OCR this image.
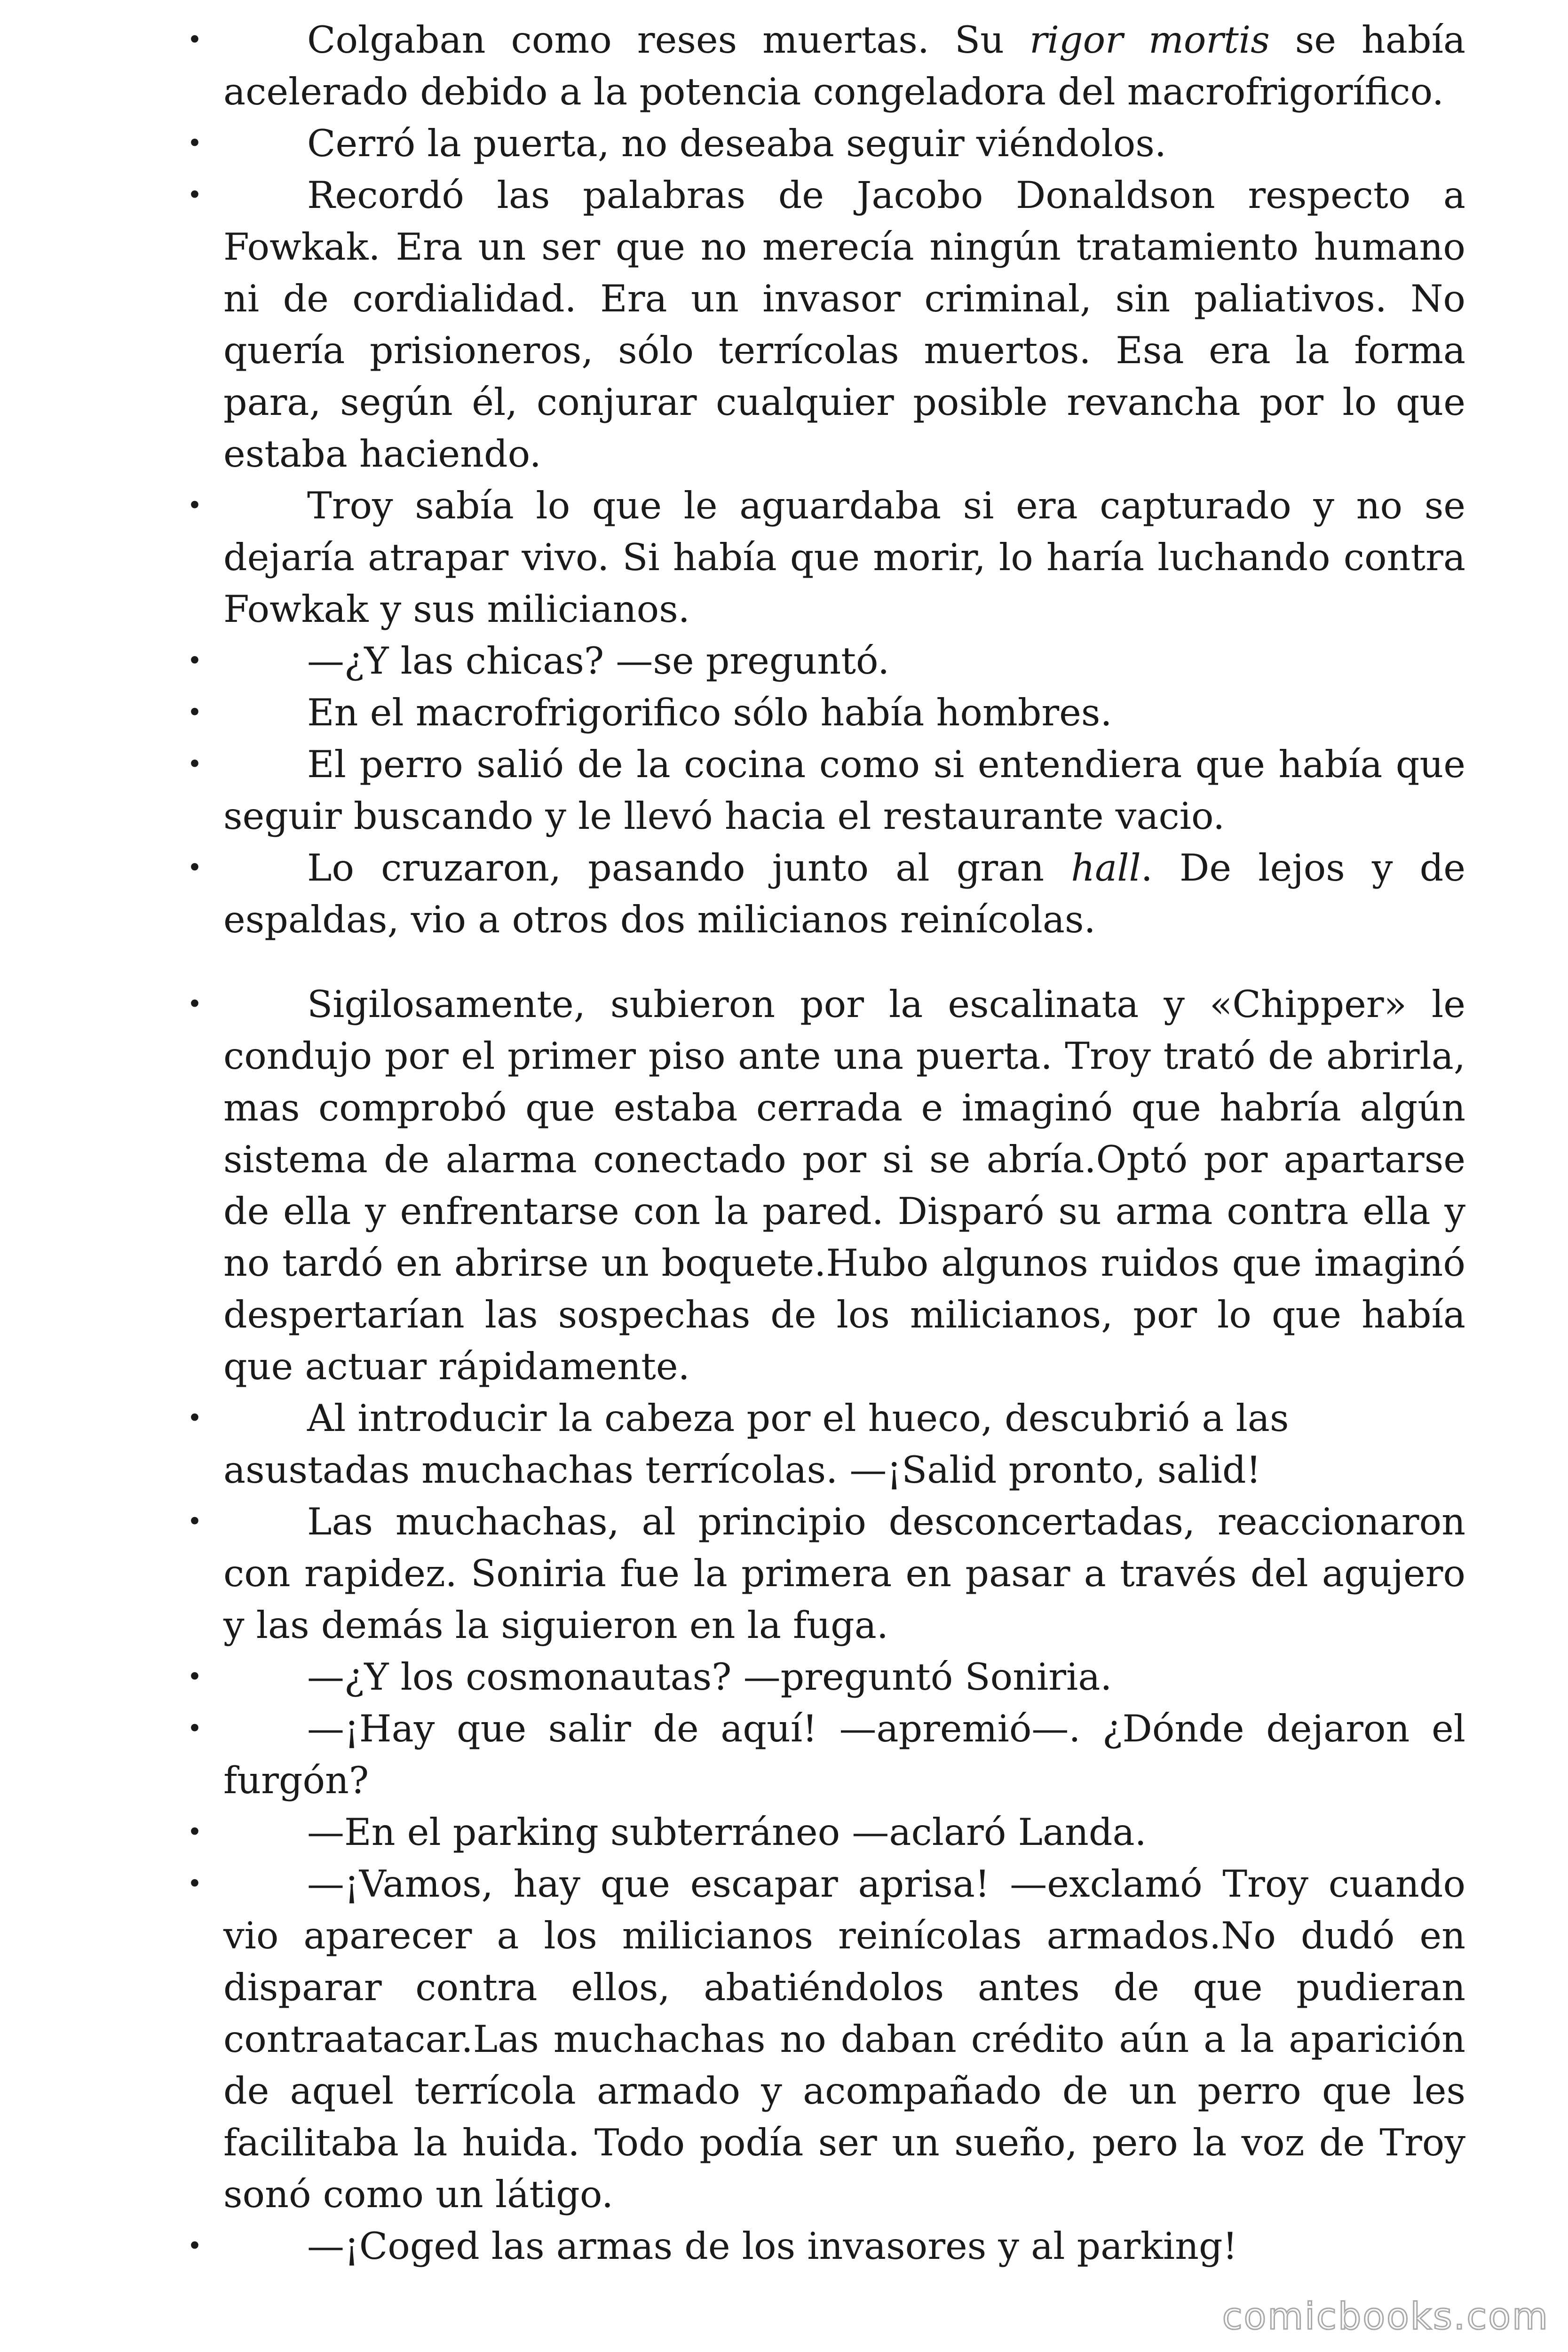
•	Colgaban como reses muertas. Su rigor mortis se había acelerado debido a la potencia congeladora del macrofrigorífico.

•	Cerró la puerta, no deseaba seguir viéndolos.

•	Recordó las palabras de Jacobo Donaldson respecto a Fowkak. Era un ser que no merecía ningún tratamiento humano ni de cordialidad. Era un invasor criminal, sin paliativos. No quería prisioneros, sólo terrícolas muertos. Esa era la forma para, según él, conjurar cualquier posible revancha por lo que estaba haciendo.

•	Troy sabía lo que le aguardaba si era capturado y no se dejaría atrapar vivo. Si había que morir, lo haría luchando contra Fowkak y sus milicianos.

•	—¿Y las chicas? —se preguntó.

•	En el macrofrigorifico sólo había hombres.

•	El perro salió de la cocina como si entendiera que había que seguir buscando y le llevó hacia el restaurante vacio.

•	Lo cruzaron, pasando junto al gran hall. De lejos y de espaldas, vio a otros dos milicianos reinícolas.

•	Sigilosamente, subieron por la escalinata y «Chipper» le condujo por el primer piso ante una puerta. Troy trató de abrirla, mas comprobó que estaba cerrada e imaginó que habría algún sistema de alarma conectado por si se abría.Optó por apartarse de ella y enfrentarse con la pared. Disparó su arma contra ella y no tardó en abrirse un boquete.Hubo algunos ruidos que imaginó despertarían las sospechas de los milicianos, por lo que había que actuar rápidamente.

•	Al introducir la cabeza por el hueco, descubrió a las asustadas muchachas terrícolas. —¡Salid pronto, salid!

•	Las muchachas, al principio desconcertadas, reaccionaron con rapidez. Soniria fue la primera en pasar a través del agujero y las demás la siguieron en la fuga.

•	—¿Y los cosmonautas? —preguntó Soniria.

•	—¡Hay que salir de aquí! —apremió—. ¿Dónde dejaron el furgón?

•	—En el parking subterráneo —aclaró Landa.

•	—¡Vamos, hay que escapar aprisa! —exclamó Troy cuando vio aparecer a los milicianos reinícolas armados.No dudó en disparar contra ellos, abatiéndolos antes de que pudieran contraatacar.Las muchachas no daban crédito aún a la aparición de aquel terrícola armado y acompañado de un perro que les facilitaba la huida. Todo podía ser un sueño, pero la voz de Troy sonó como un látigo.

•	—¡Coged las armas de los invasores y al parking!

comicbooks.com
